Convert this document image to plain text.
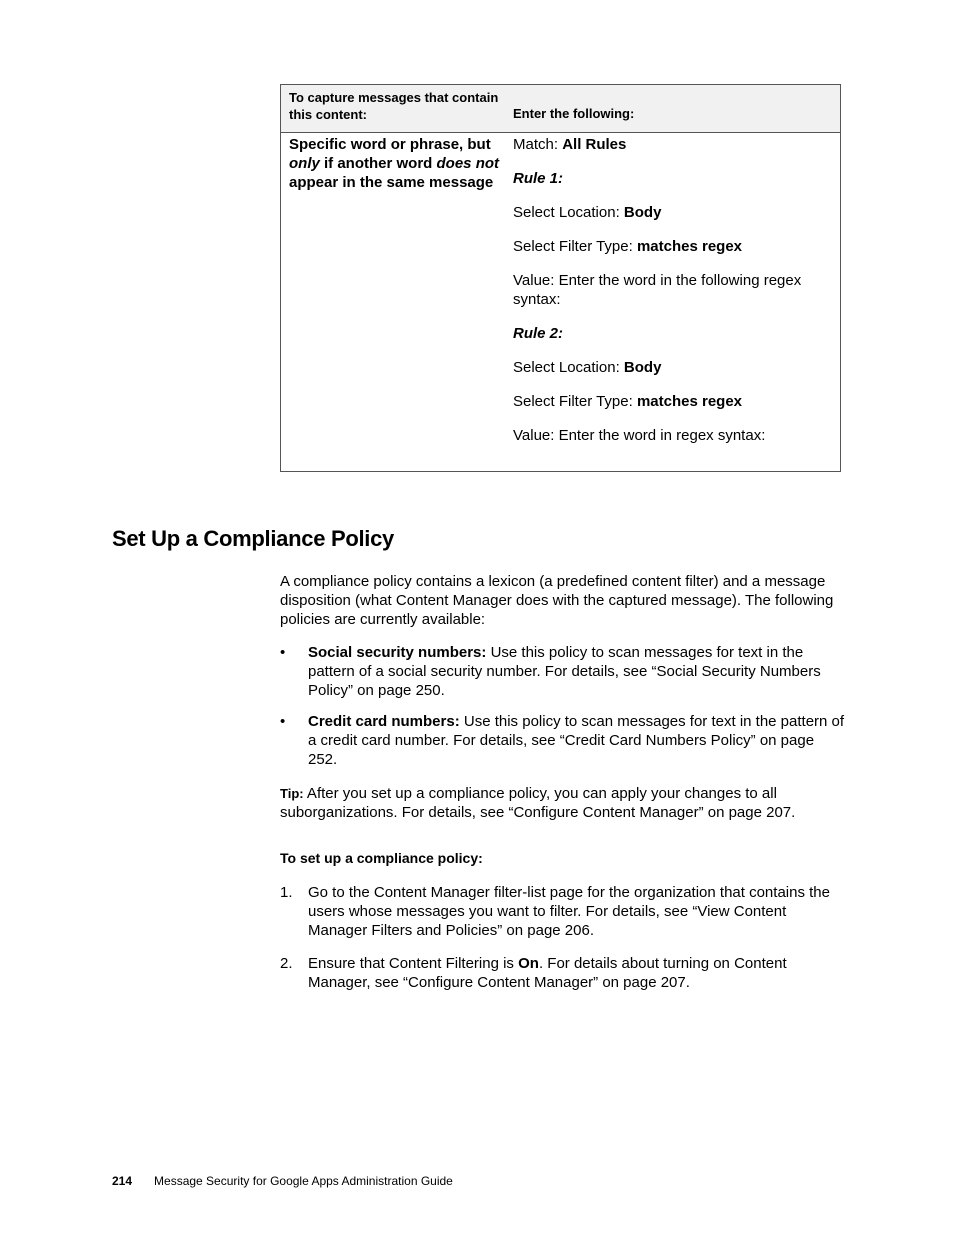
To capture messages that contain this content:	Enter the following:
Specific word or phrase, but only if another word does not appear in the same message

Match: All Rules

Rule 1:

Select Location: Body

Select Filter Type: matches regex

Value: Enter the word in the following regex syntax:

Rule 2:

Select Location: Body

Select Filter Type: matches regex

Value: Enter the word in regex syntax:

Set Up a Compliance Policy

A compliance policy contains a lexicon (a predefined content filter) and a message disposition (what Content Manager does with the captured message). The following policies are currently available:

• Social security numbers: Use this policy to scan messages for text in the pattern of a social security number. For details, see “Social Security Numbers Policy” on page 250.
• Credit card numbers: Use this policy to scan messages for text in the pattern of a credit card number. For details, see “Credit Card Numbers Policy” on page 252.

Tip: After you set up a compliance policy, you can apply your changes to all suborganizations. For details, see “Configure Content Manager” on page 207.

To set up a compliance policy:
1. Go to the Content Manager filter-list page for the organization that contains the users whose messages you want to filter. For details, see “View Content Manager Filters and Policies” on page 206.
2. Ensure that Content Filtering is On. For details about turning on Content Manager, see “Configure Content Manager” on page 207.
214 Message Security for Google Apps Administration Guide
